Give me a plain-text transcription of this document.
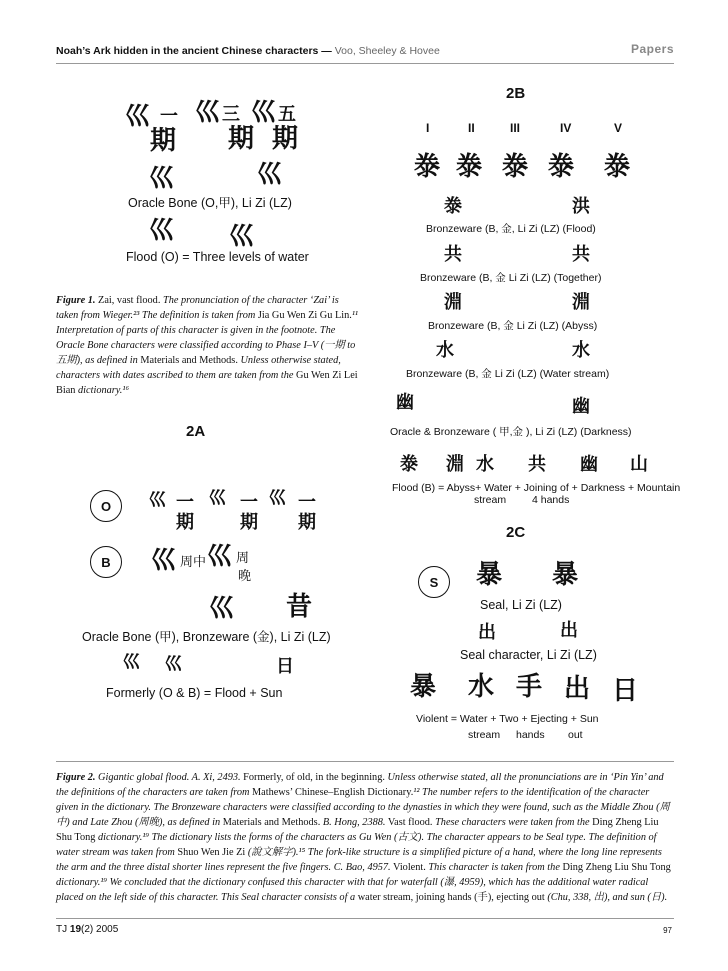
Noah’s Ark hidden in the ancient Chinese characters — Voo, Sheeley & Hovee	Papers
巛 一 巛 三 巛 五
期 期 期
巛	巛
Oracle Bone (O,甲), Li Zi (LZ)
巛 巛
Flood (O) = Three levels of water
Figure 1. Zai, vast flood. The pronunciation of the character ‘Zai’ is taken from Wieger.²³ The definition is taken from Jia Gu Wen Zi Gu Lin.¹¹ Interpretation of parts of this character is given in the footnote. The Oracle Bone characters were classified according to Phase I–V (一期 to 五期), as defined in Materials and Methods. Unless otherwise stated, characters with dates ascribed to them are taken from the Gu Wen Zi Lei Bian dictionary.¹⁶
2A
O
B
巛 一 巛 一 巛 一
期	期 期
巛 巛 周
周中
晚
巛 昔
Oracle Bone (甲), Bronzeware (金), Li Zi (LZ)
巛 巛	日
Formerly (O & B) = Flood + Sun
2B
I	II	III	IV	V
𣳾 𣳾 𣳾 𣳾 𣳾
𣳾	洪
Bronzeware (B, 金, Li Zi (LZ) (Flood)
共	共
Bronzeware (B, 金 Li Zi (LZ) (Together)
淵	淵
Bronzeware (B, 金 Li Zi (LZ) (Abyss)
水	水
Bronzeware (B, 金 Li Zi (LZ) (Water stream)
幽	幽
Oracle & Bronzeware ( 甲,金 ), Li Zi (LZ) (Darkness)
𣳾 淵 水 共 幽 山
Flood (B) = Abyss+ Water + Joining of + Darkness + Mountain
stream 4 hands
2C
S	暴 暴
Seal, Li Zi (LZ)
出	出
Seal character, Li Zi (LZ)
暴 水 手 出 日
Violent = Water + Two + Ejecting + Sun
stream hands out
Figure 2. Gigantic global flood. A. Xi, 2493. Formerly, of old, in the beginning. Unless otherwise stated, all the pronunciations are in ‘Pin Yin’ and the definitions of the characters are taken from Mathews’ Chinese–English Dictionary.¹² The number refers to the identification of the character given in the dictionary. The Bronzeware characters were classified according to the dynasties in which they were found, such as the Middle Zhou (周中) and Late Zhou (周晚), as defined in Materials and Methods. B. Hong, 2388. Vast flood. These characters were taken from the Ding Zheng Liu Shu Tong dictionary.¹⁹ The dictionary lists the forms of the characters as Gu Wen (古文). The character appears to be Seal type. The definition of water stream was taken from Shuo Wen Jie Zi (說文解字).¹⁵ The fork-like structure is a simplified picture of a hand, where the long line represents the arm and the three distal shorter lines represent the five fingers. C. Bao, 4957. Violent. This character is taken from the Ding Zheng Liu Shu Tong dictionary.¹⁹ We concluded that the dictionary confused this character with that for waterfall (瀑, 4959), which has the additional water radical placed on the left side of this character. This Seal character consists of a water stream, joining hands (手), ejecting out (Chu, 338, 出), and sun (日).
TJ 19(2) 2005	97
